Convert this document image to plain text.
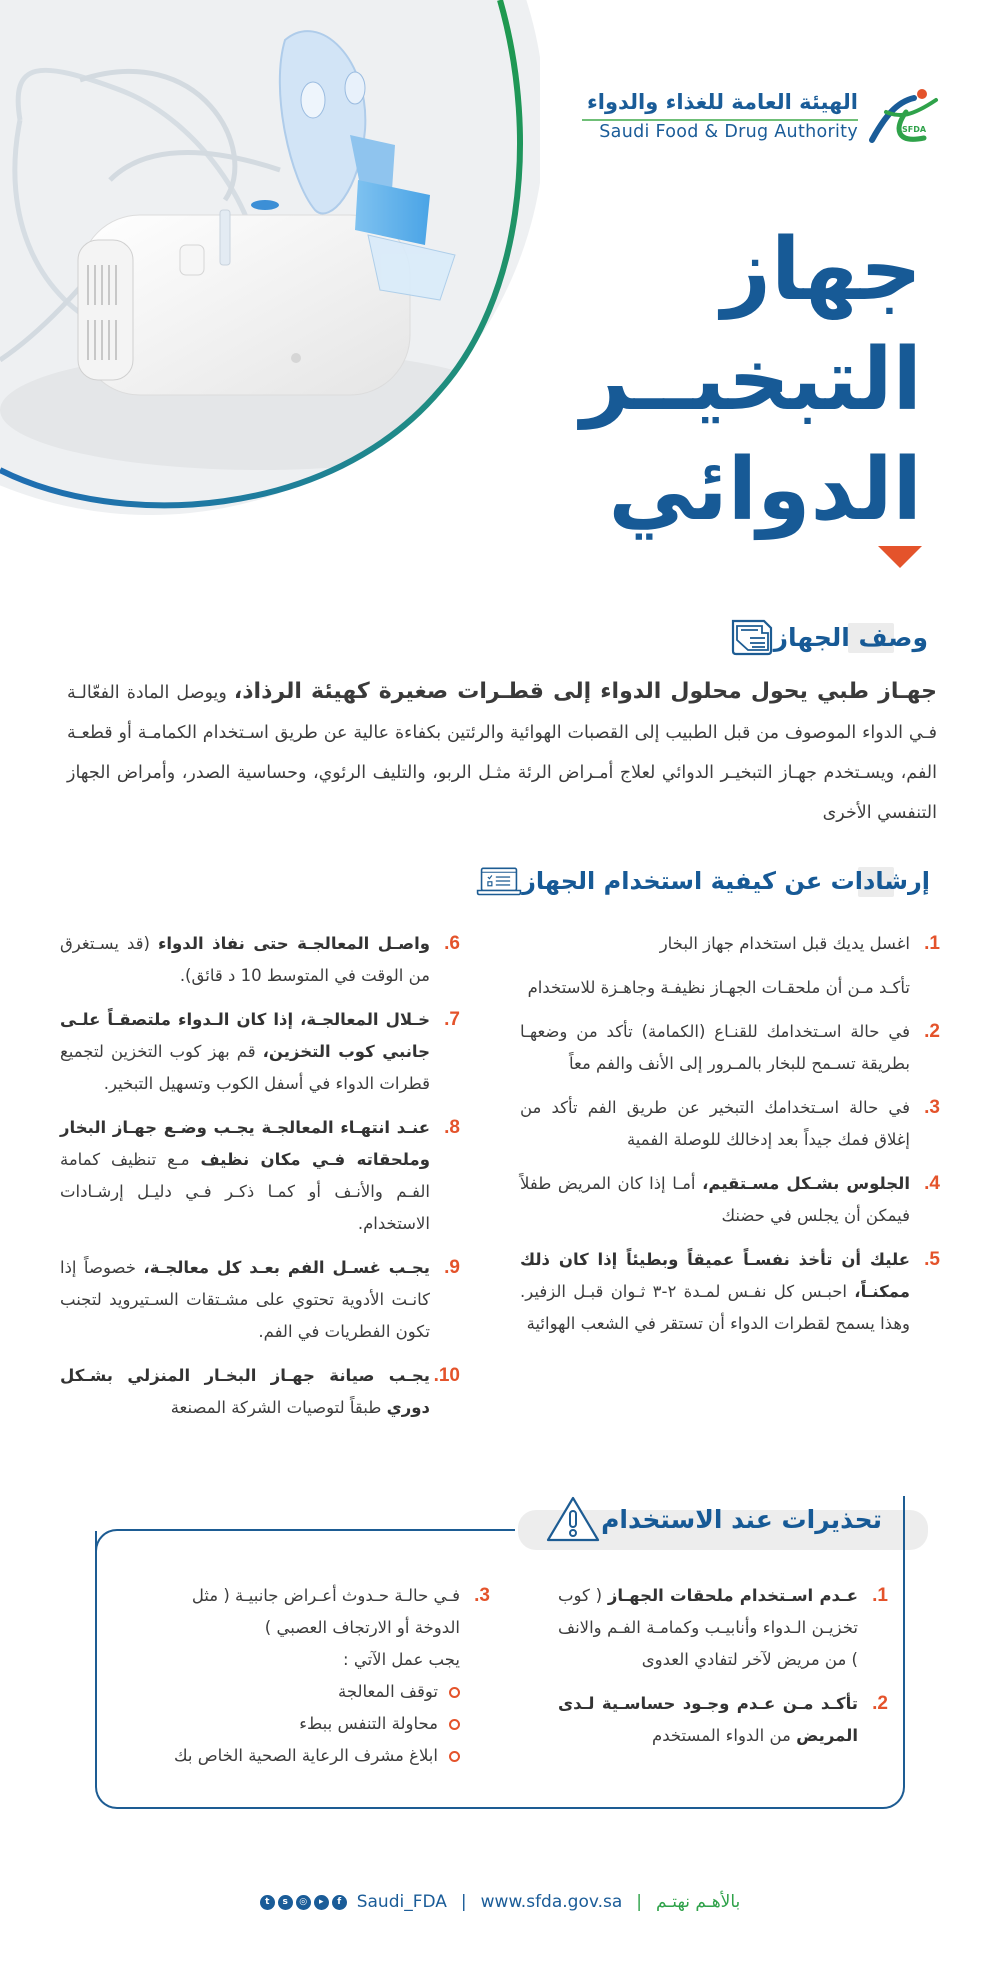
الهيئة العامة للغذاء والدواء
Saudi Food & Drug Authority	SFDA
جهاز
التبخيــر
الدوائي
وصف الجهاز
جهـاز طبي يحول محلول الدواء إلى قطـرات صغيرة كهيئة الرذاذ، ويوصل المادة الفعّالـة فـي الدواء الموصوف من قبل الطبيب إلى القصبات الهوائية والرئتين بكفاءة عالية عن طريق اسـتخدام الكمامـة أو قطعـة الفم، ويسـتخدم جهـاز التبخيـر الدوائي لعلاج أمـراض الرئة مثـل الربو، والتليف الرئوي، وحساسية الصدر، وأمراض الجهاز التنفسي الأخرى
إرشادات عن كيفية استخدام الجهاز
1.
اغسل يديك قبل استخدام جهاز البخار
تأكـد مـن أن ملحقـات الجهـاز نظيفـة وجاهـزة للاستخدام
2.
في حالة اسـتخدامك للقنـاع (الكمامة) تأكد من وضعهـا بطريقة تسـمح للبخار بالمـرور إلى الأنف والفم معاً
3.
في حالة اسـتخدامك التبخير عن طريق الفم تأكد من إغلاق فمك جيداً بعد إدخالك للوصلة الفمية
4.
الجلوس بشـكل مسـتقيم، أمـا إذا كان المريض طفلاً فيمكن أن يجلس في حضنك
5.
عليك أن تأخذ نفسـاً عميقاً وبطيئاً إذا كان ذلك ممكنـاً، احبـس كل نفـس لمـدة ٢-٣ ثـوان قبـل الزفير. وهذا يسمح لقطرات الدواء أن تستقر في الشعب الهوائية
6.
واصـل المعالجـة حتى نفاذ الدواء (قد يسـتغرق من الوقت في المتوسط 10 د قائق).
7.
خـلال المعالجـة، إذا كان الـدواء ملتصقـاً علـى جانبي كوب التخزين، قم بهز كوب التخزين لتجميع قطرات الدواء في أسفل الكوب وتسهيل التبخير.
8.
عنـد انتهـاء المعالجـة يجـب وضـع جهـاز البخار وملحقاته فـي مكان نظيف مـع تنظيف كمامة الفـم والأنـف أو كمـا ذكـر فـي دليـل إرشـادات الاستخدام.
9.
يجـب غسـل الفم بعـد كل معالجـة، خصوصاً إذا كانـت الأدوية تحتوي على مشـتقات السـتيرويد لتجنب تكون الفطريات في الفم.
10.
يجـب صيانة جهـاز البخـار المنزلي بشـكل دوري طبقاً لتوصيات الشركة المصنعة
تحذيرات عند الاستخدام
1.
عـدم اسـتخدام ملحقات الجهـاز ( كوب تخزيـن الـدواء وأنابيـب وكمامـة الفـم والانف ) من مريض لآخر لتفادي العدوى
2.
تأكـد مـن عـدم وجـود حساسـية لـدى المريض من الدواء المستخدم
3.
فـي حالـة حـدوث أعـراض جانبيـة ( مثل
الدوخة أو الارتجاف العصبي )
يجب عمل الآتي :
توقف المعالجة
محاولة التنفس ببطء
ابلاغ مشرف الرعاية الصحية الخاص بك
t	s	◎	▸	f Saudi_FDA | www.sfda.gov.sa | بالأهـم نهتـم
